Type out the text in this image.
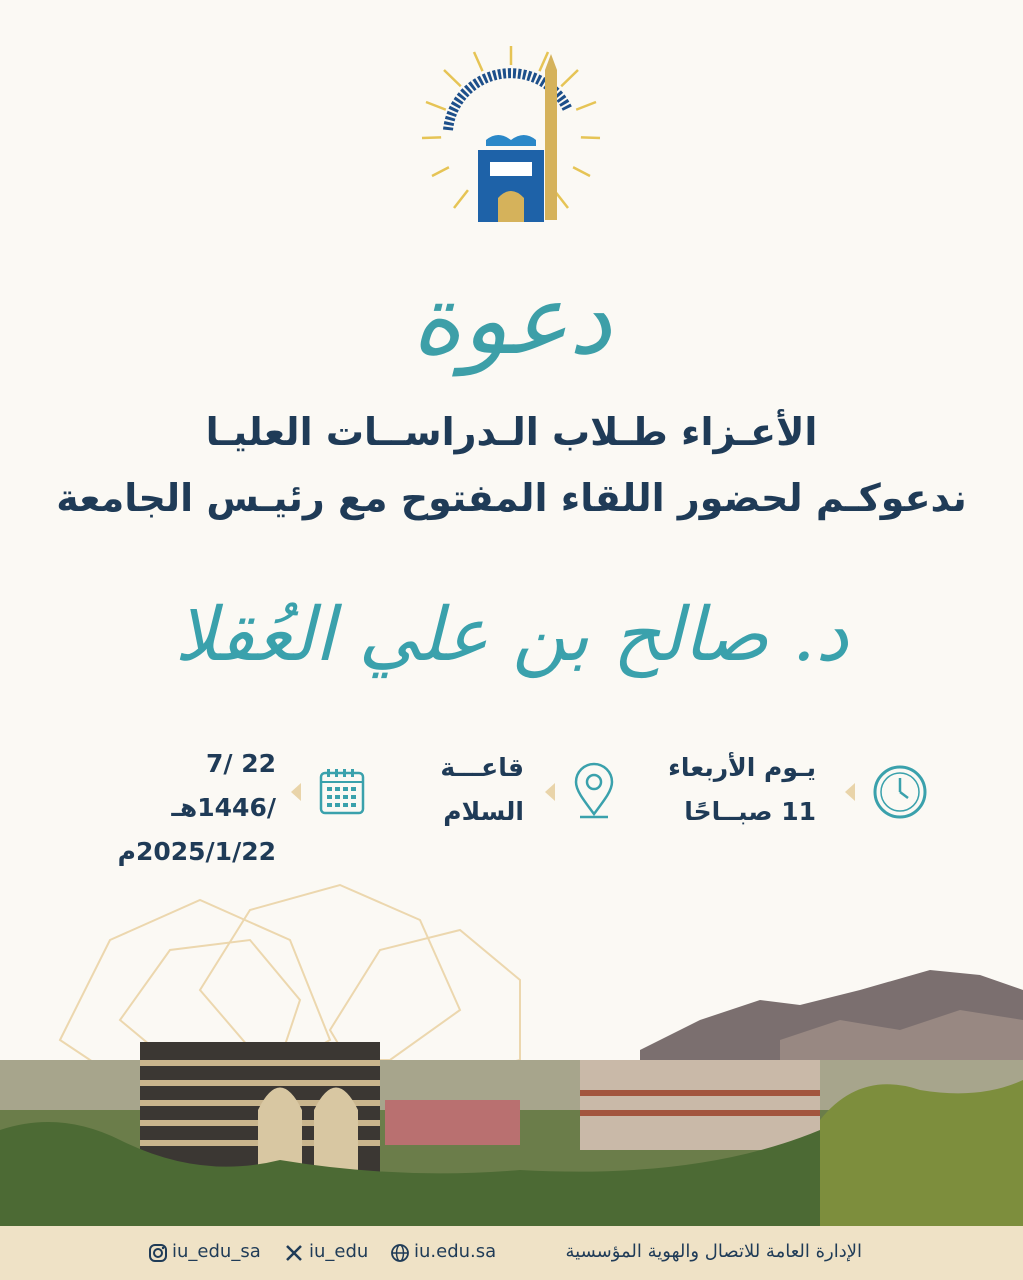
دعوة
الأعـزاء طـلاب الـدراســات العليـا
ندعوكـم لحضور اللقاء المفتوح مع رئيـس الجامعة
د. صالح بن علي العُقلا
يـوم الأربعاء
11 صبــاحًا
قاعـــة
السلام
22 /7 /1446هـ
2025/1/22م
iu_edu_sa	iu_edu	iu.edu.sa	الإدارة العامة للاتصال والهوية المؤسسية
